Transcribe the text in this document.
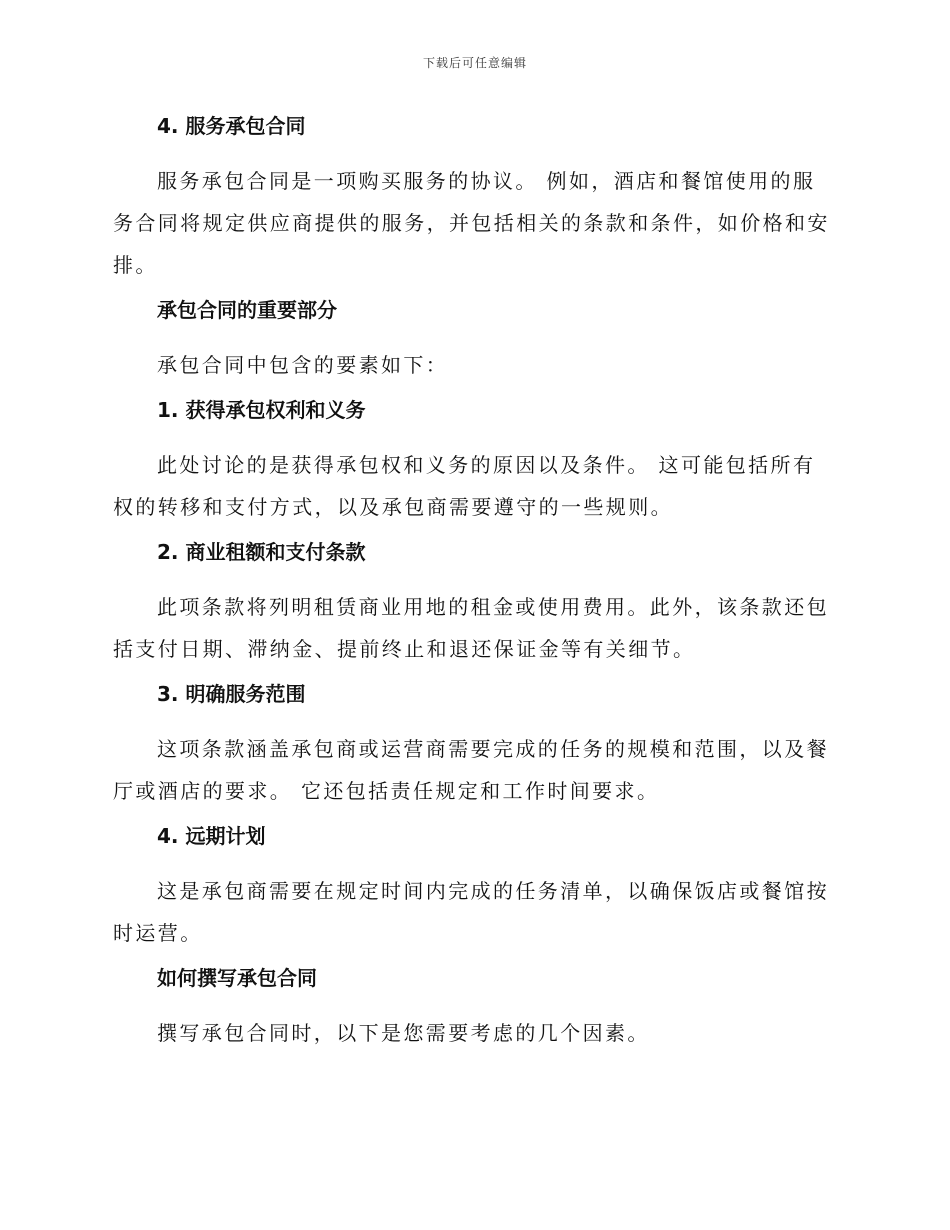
下载后可任意编辑
4. 服务承包合同

服务承包合同是一项购买服务的协议。 例如，酒店和餐馆使用的服务合同将规定供应商提供的服务，并包括相关的条款和条件，如价格和安排。

承包合同的重要部分

承包合同中包含的要素如下：

1. 获得承包权利和义务

此处讨论的是获得承包权和义务的原因以及条件。 这可能包括所有权的转移和支付方式，以及承包商需要遵守的一些规则。

2. 商业租额和支付条款

此项条款将列明租赁商业用地的租金或使用费用。此外，该条款还包括支付日期、滞纳金、提前终止和退还保证金等有关细节。

3. 明确服务范围

这项条款涵盖承包商或运营商需要完成的任务的规模和范围，以及餐厅或酒店的要求。 它还包括责任规定和工作时间要求。

4. 远期计划

这是承包商需要在规定时间内完成的任务清单，以确保饭店或餐馆按时运营。

如何撰写承包合同

撰写承包合同时，以下是您需要考虑的几个因素。
